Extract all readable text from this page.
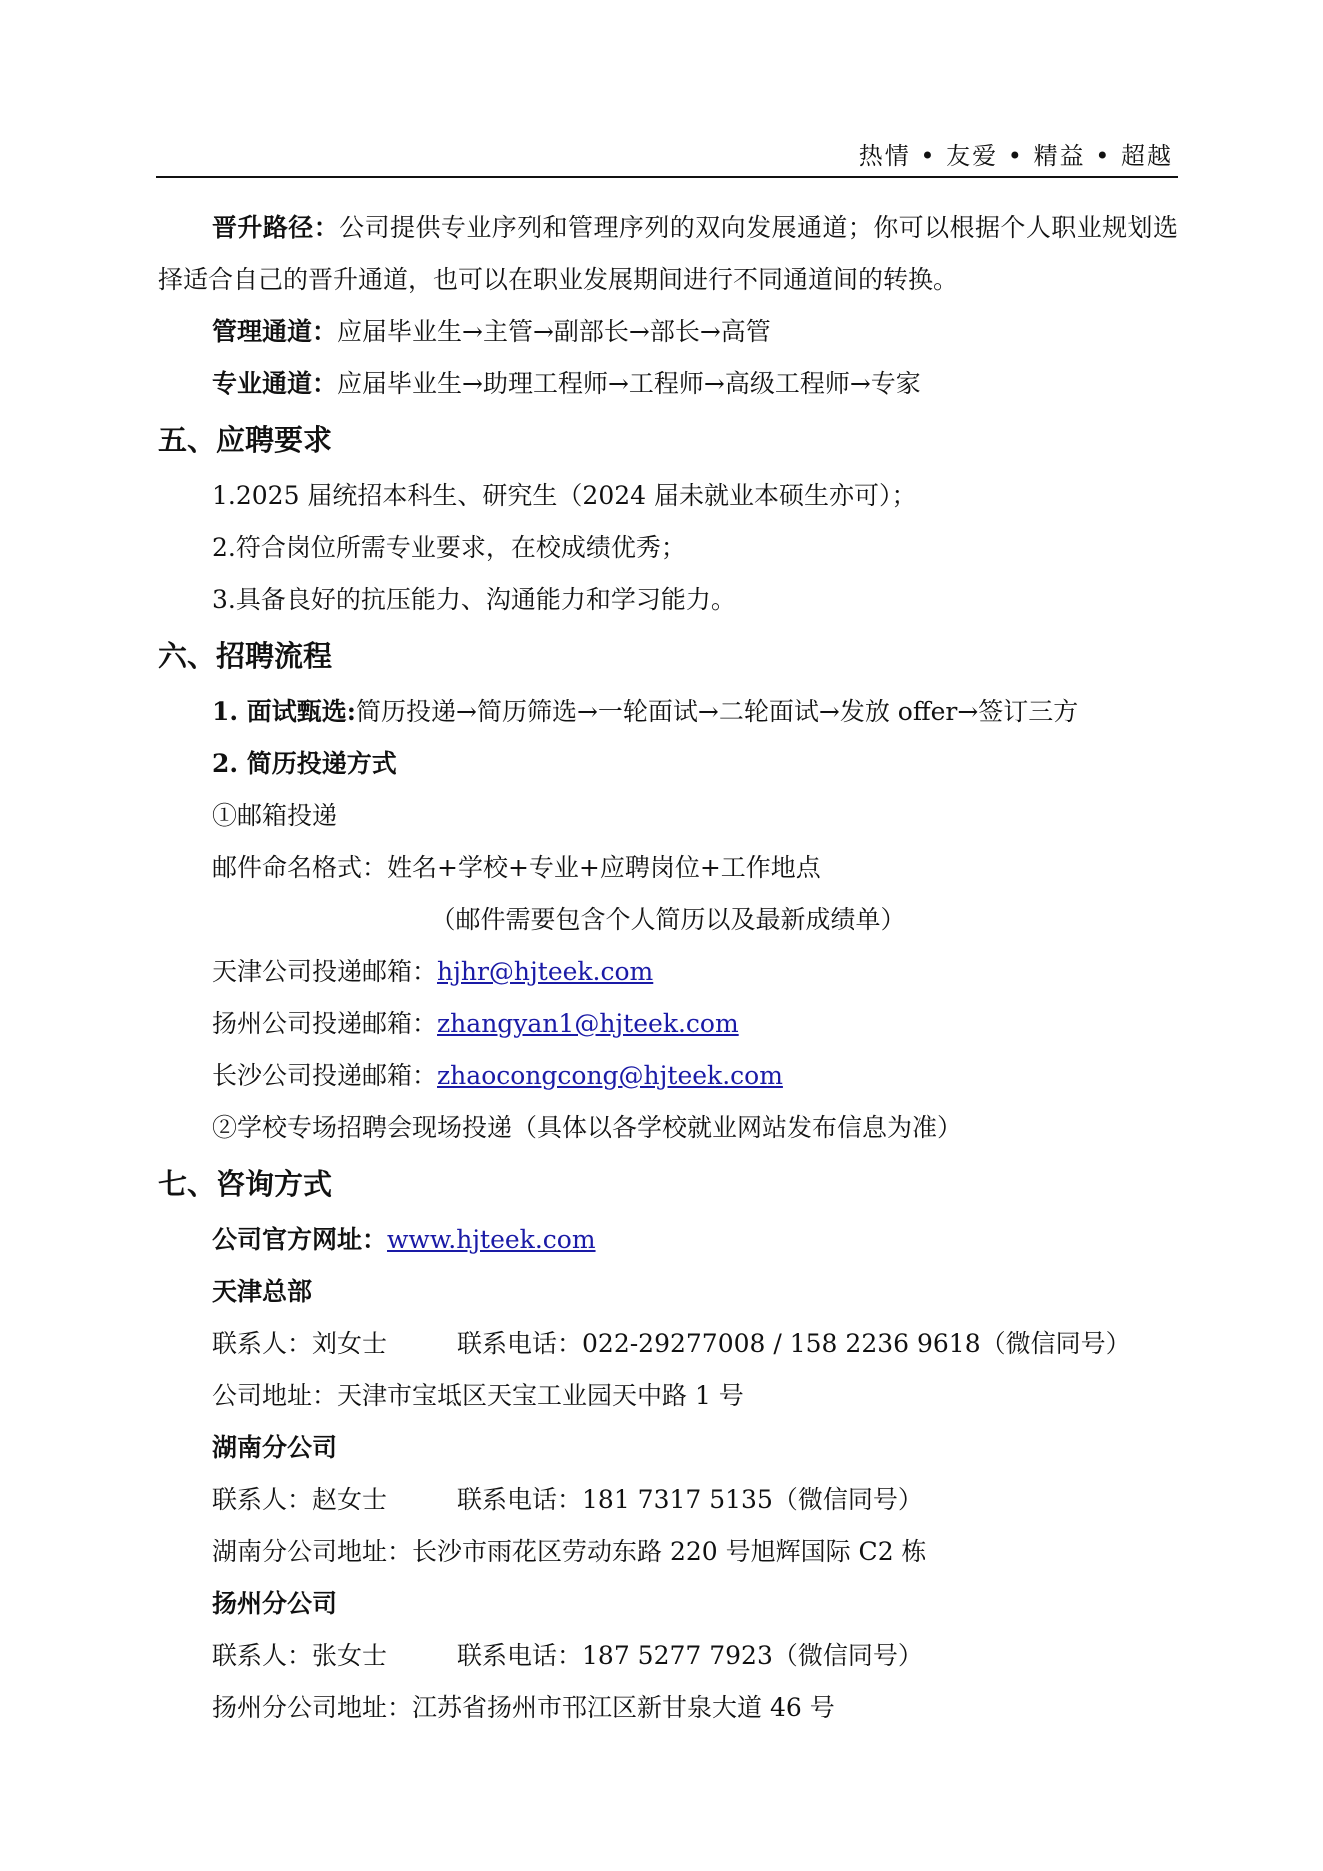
热情 • 友爱 • 精益 • 超越
晋升路径：公司提供专业序列和管理序列的双向发展通道；你可以根据个人职业规划选择适合自己的晋升通道，也可以在职业发展期间进行不同通道间的转换。
管理通道：应届毕业生→主管→副部长→部长→高管
专业通道：应届毕业生→助理工程师→工程师→高级工程师→专家
五、应聘要求
1.2025 届统招本科生、研究生（2024 届未就业本硕生亦可）；
2.符合岗位所需专业要求，在校成绩优秀；
3.具备良好的抗压能力、沟通能力和学习能力。
六、招聘流程
1. 面试甄选:简历投递→简历筛选→一轮面试→二轮面试→发放 offer→签订三方
2. 简历投递方式
①邮箱投递
邮件命名格式：姓名+学校+专业+应聘岗位+工作地点
（邮件需要包含个人简历以及最新成绩单）
天津公司投递邮箱：hjhr@hjteek.com
扬州公司投递邮箱：zhangyan1@hjteek.com
长沙公司投递邮箱：zhaocongcong@hjteek.com
②学校专场招聘会现场投递（具体以各学校就业网站发布信息为准）
七、咨询方式
公司官方网址：www.hjteek.com
天津总部
联系人：刘女士	联系电话：022-29277008 / 158 2236 9618（微信同号）
公司地址：天津市宝坻区天宝工业园天中路 1 号
湖南分公司
联系人：赵女士	联系电话：181 7317 5135（微信同号）
湖南分公司地址：长沙市雨花区劳动东路 220 号旭辉国际 C2 栋
扬州分公司
联系人：张女士	联系电话：187 5277 7923（微信同号）
扬州分公司地址：江苏省扬州市邗江区新甘泉大道 46 号
